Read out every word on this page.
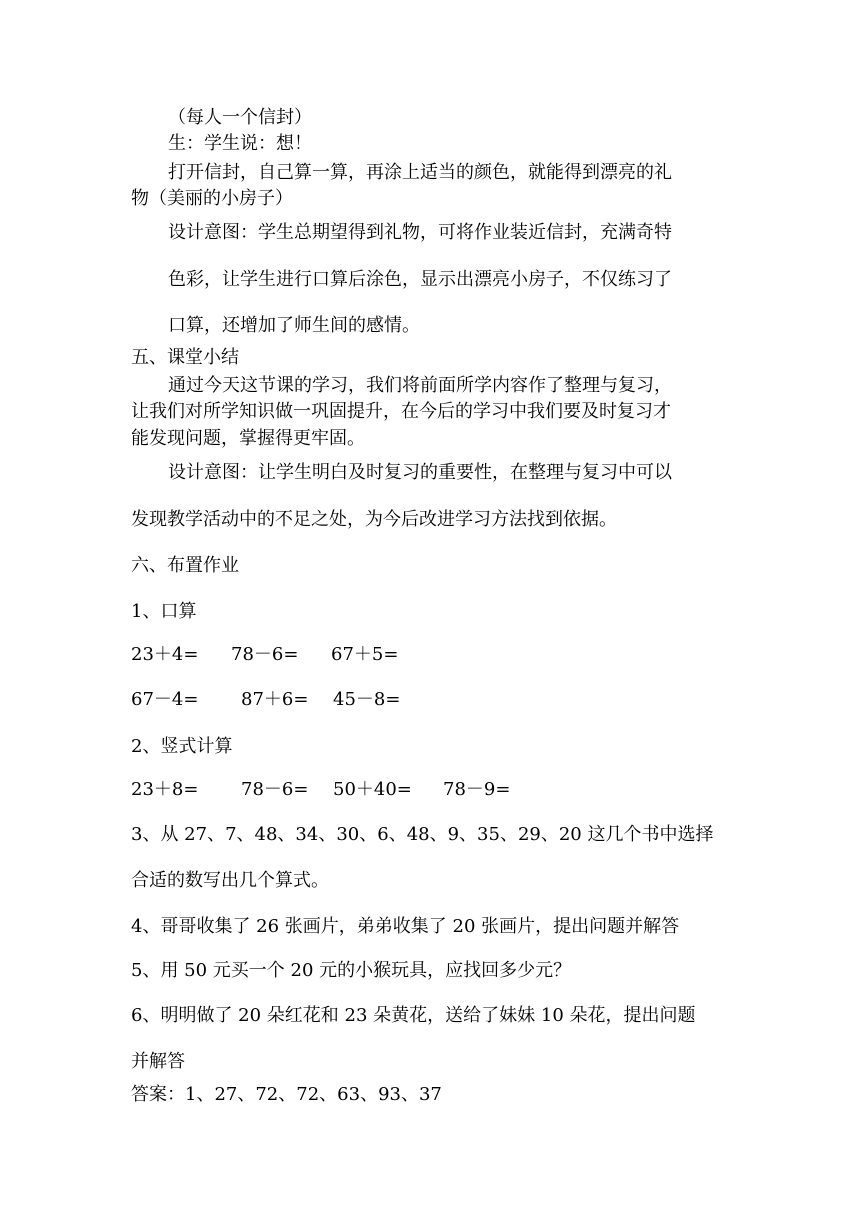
（每人一个信封）
生：学生说：想！
打开信封，自己算一算，再涂上适当的颜色，就能得到漂亮的礼
物（美丽的小房子）
设计意图：学生总期望得到礼物，可将作业装近信封，充满奇特
色彩，让学生进行口算后涂色，显示出漂亮小房子，不仅练习了
口算，还增加了师生间的感情。
五、课堂小结
通过今天这节课的学习，我们将前面所学内容作了整理与复习，
让我们对所学知识做一巩固提升，在今后的学习中我们要及时复习才
能发现问题，掌握得更牢固。
设计意图：让学生明白及时复习的重要性，在整理与复习中可以
发现教学活动中的不足之处，为今后改进学习方法找到依据。
六、布置作业
1、口算
23＋4= 78－6= 67＋5=
67－4= 87＋6= 45－8=
2、竖式计算
23＋8= 78－6= 50＋40= 78－9=
3、从 27、7、48、34、30、6、48、9、35、29、20 这几个书中选择
合适的数写出几个算式。
4、哥哥收集了 26 张画片，弟弟收集了 20 张画片，提出问题并解答
5、用 50 元买一个 20 元的小猴玩具，应找回多少元？
6、明明做了 20 朵红花和 23 朵黄花，送给了妹妹 10 朵花，提出问题
并解答
答案：1、27、72、72、63、93、37
